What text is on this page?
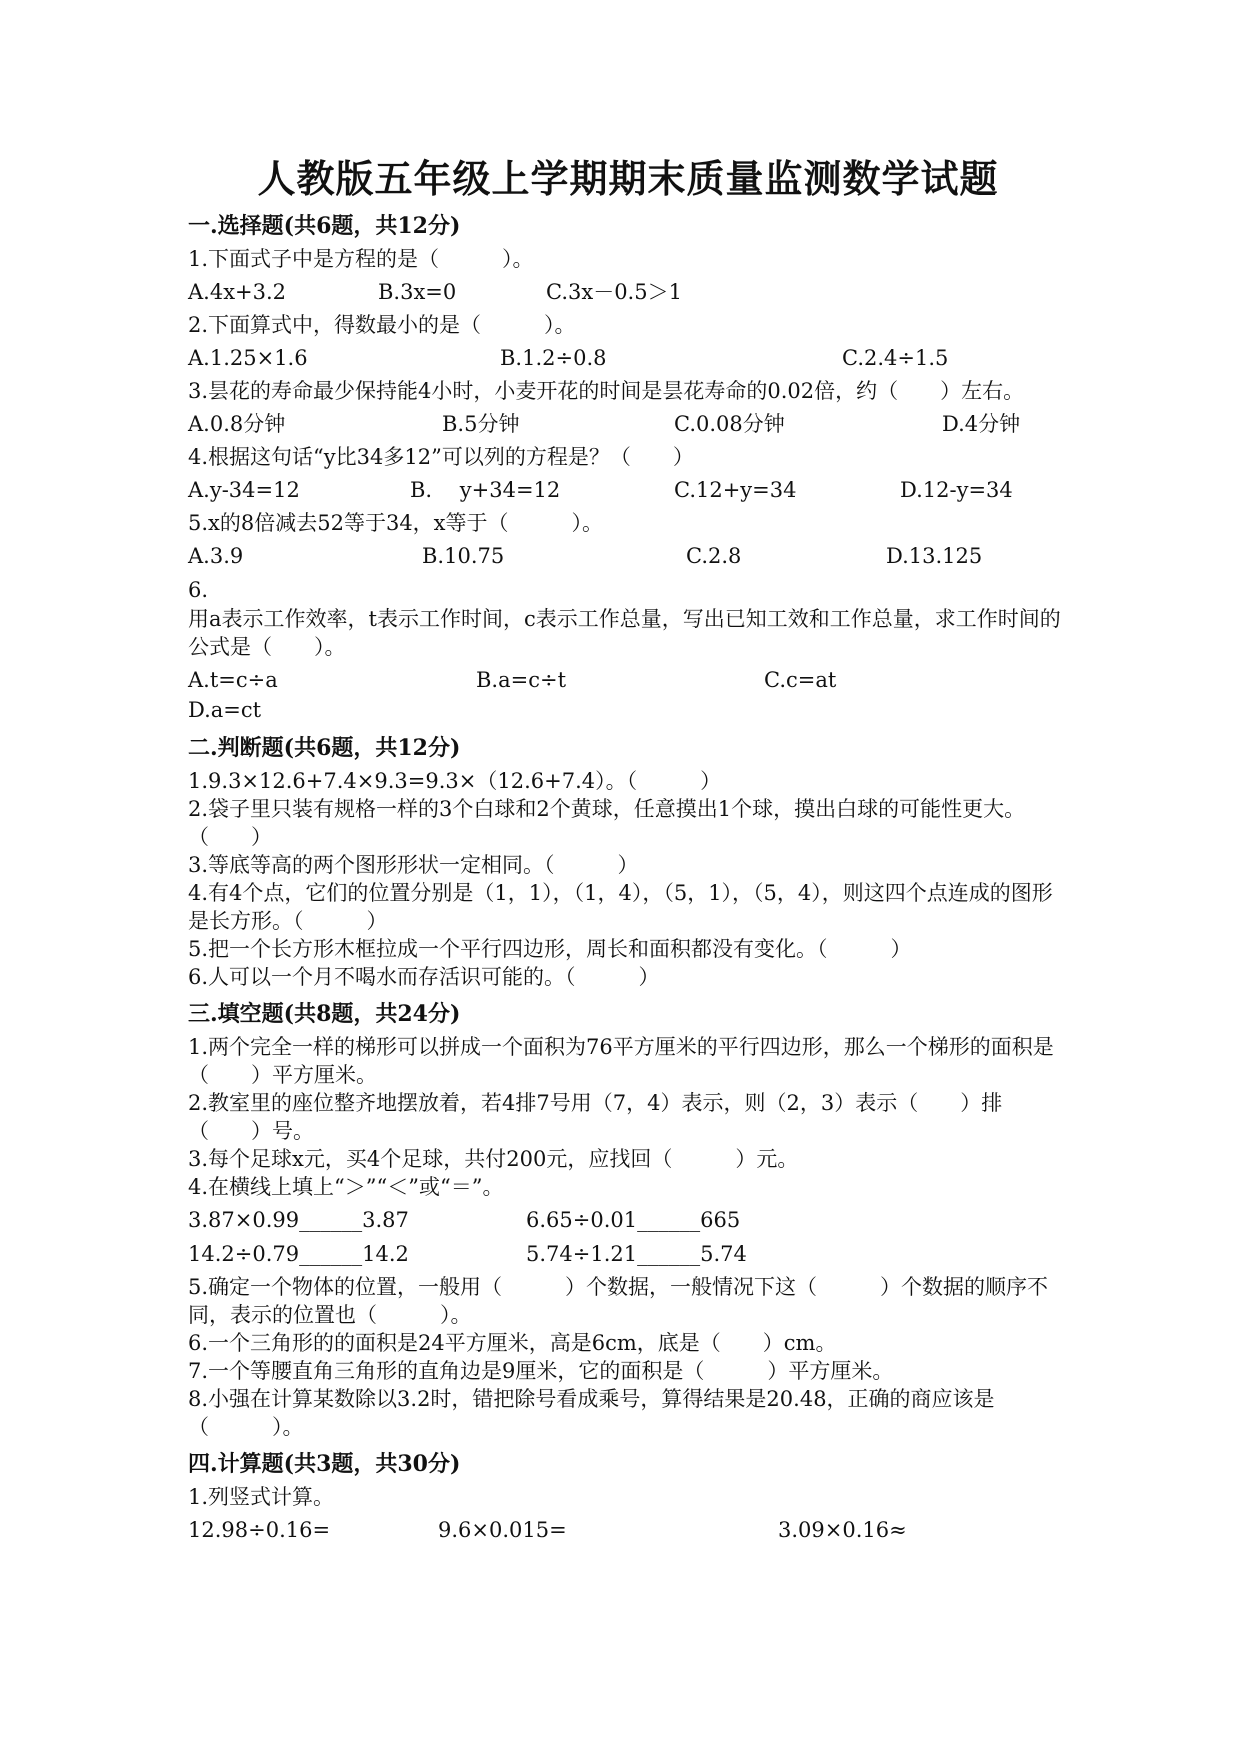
人教版五年级上学期期末质量监测数学试题
一.选择题(共6题，共12分)

1.下面式子中是方程的是（　　　）。

A.4x+3.2	B.3x=0	C.3x－0.5＞1

2.下面算式中，得数最小的是（　　　）。

A.1.25×1.6	B.1.2÷0.8	C.2.4÷1.5

3.昙花的寿命最少保持能4小时，小麦开花的时间是昙花寿命的0.02倍，约（　　）左右。

A.0.8分钟	B.5分钟	C.0.08分钟	D.4分钟

4.根据这句话“y比34多12”可以列的方程是？（　　）

A.y-34=12	B.　 y+34=12	C.12+y=34	D.12-y=34

5.x的8倍减去52等于34，x等于（　　　）。

A.3.9	B.10.75	C.2.8	D.13.125
6.

用a表示工作效率，t表示工作时间，c表示工作总量，写出已知工效和工作总量，求工作时间的公式是（　　）。

A.t=c÷a	B.a=c÷t	C.c=at
D.a=ct
二.判断题(共6题，共12分)

1.9.3×12.6+7.4×9.3=9.3×（12.6+7.4）。（　　　）

2.袋子里只装有规格一样的3个白球和2个黄球，任意摸出1个球，摸出白球的可能性更大。（　　）

3.等底等高的两个图形形状一定相同。（　　　）

4.有4个点，它们的位置分别是（1，1），（1，4），（5，1），（5，4），则这四个点连成的图形是长方形。（　　　）

5.把一个长方形木框拉成一个平行四边形，周长和面积都没有变化。（　　　）

6.人可以一个月不喝水而存活识可能的。（　　　）

三.填空题(共8题，共24分)

1.两个完全一样的梯形可以拼成一个面积为76平方厘米的平行四边形，那么一个梯形的面积是（　　）平方厘米。

2.教室里的座位整齐地摆放着，若4排7号用（7，4）表示，则（2，3）表示（　　）排（　　）号。

3.每个足球x元，买4个足球，共付200元，应找回（　　　）元。

4.在横线上填上“＞”“＜”或“＝”。

3.87×0.99______3.87	6.65÷0.01______665
14.2÷0.79______14.2	5.74÷1.21______5.74

5.确定一个物体的位置，一般用（　　　）个数据，一般情况下这（　　　）个数据的顺序不同，表示的位置也（　　　）。

6.一个三角形的的面积是24平方厘米，高是6cm，底是（　　）cm。

7.一个等腰直角三角形的直角边是9厘米，它的面积是（　　　）平方厘米。

8.小强在计算某数除以3.2时，错把除号看成乘号，算得结果是20.48，正确的商应该是（　　　）。

四.计算题(共3题，共30分)

1.列竖式计算。

12.98÷0.16=	9.6×0.015=	3.09×0.16≈
